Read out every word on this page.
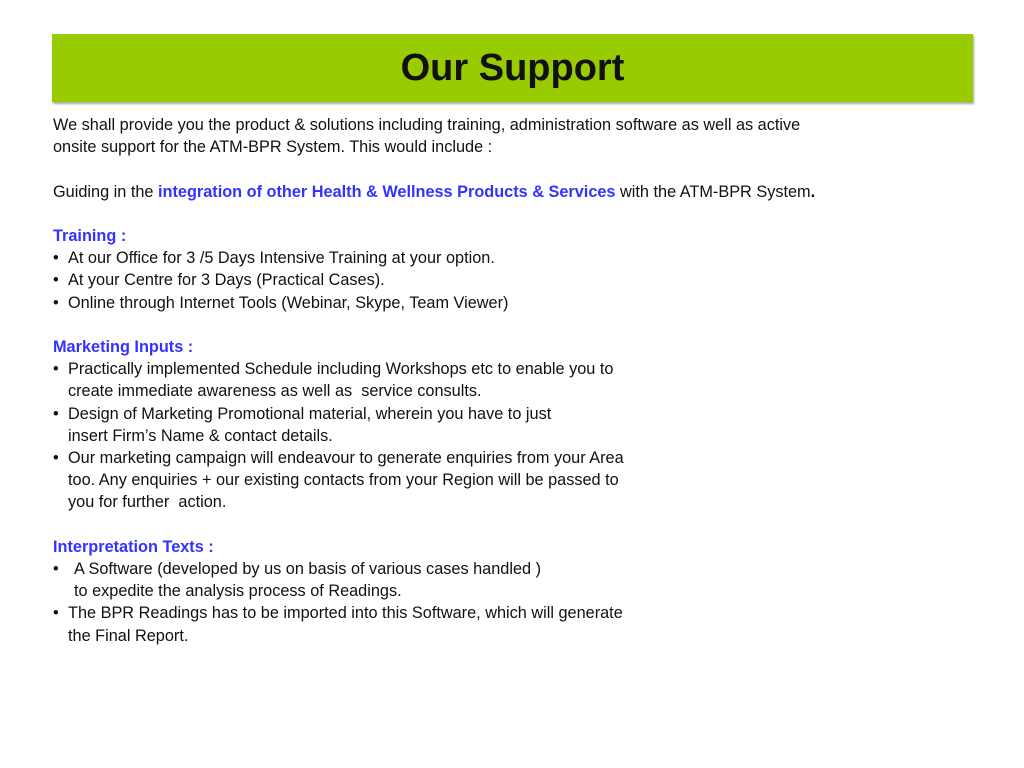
Our Support
We shall provide you the product & solutions including training, administration software as well as active
onsite support for the ATM-BPR System. This would include :
Guiding in the integration of other Health & Wellness Products & Services with the ATM-BPR System.
Training :
• At our Office for 3 /5 Days Intensive Training at your option.
• At your Centre for 3 Days (Practical Cases).
• Online through Internet Tools (Webinar, Skype, Team Viewer)
Marketing Inputs :
• Practically implemented Schedule including Workshops etc to enable you to
create immediate awareness as well as  service consults.
• Design of Marketing Promotional material, wherein you have to just
insert Firm’s Name & contact details.
• Our marketing campaign will endeavour to generate enquiries from your Area
too. Any enquiries + our existing contacts from your Region will be passed to
you for further  action.
Interpretation Texts :
• A Software (developed by us on basis of various cases handled )
to expedite the analysis process of Readings.
• The BPR Readings has to be imported into this Software, which will generate
the Final Report.
